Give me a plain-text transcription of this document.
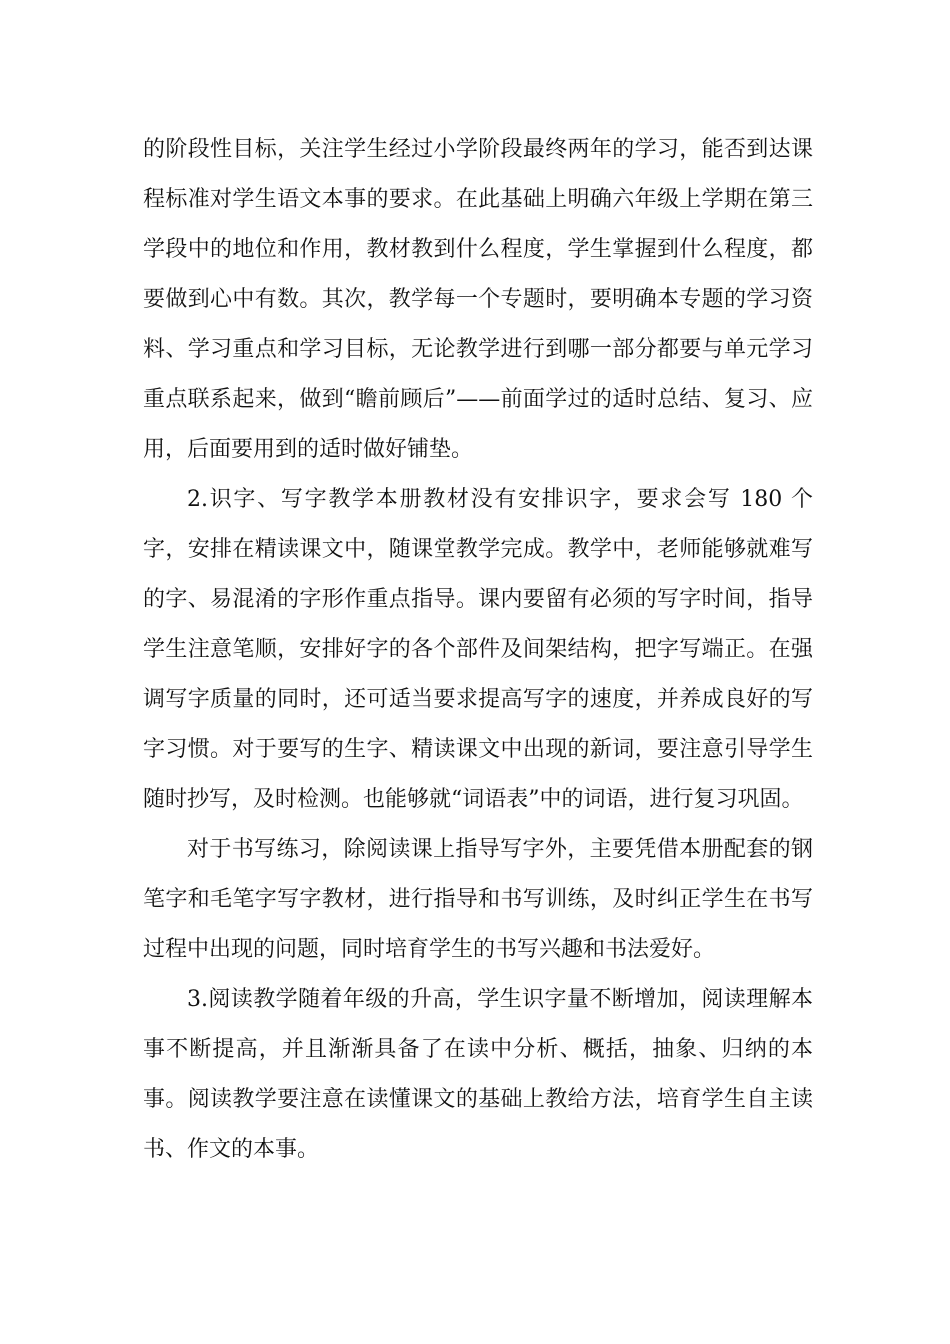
的阶段性目标，关注学生经过小学阶段最终两年的学习，能否到达课程标准对学生语文本事的要求。在此基础上明确六年级上学期在第三学段中的地位和作用，教材教到什么程度，学生掌握到什么程度，都要做到心中有数。其次，教学每一个专题时，要明确本专题的学习资料、学习重点和学习目标，无论教学进行到哪一部分都要与单元学习重点联系起来，做到“瞻前顾后”——前面学过的适时总结、复习、应用，后面要用到的适时做好铺垫。

2.识字、写字教学本册教材没有安排识字，要求会写 180 个字，安排在精读课文中，随课堂教学完成。教学中，老师能够就难写的字、易混淆的字形作重点指导。课内要留有必须的写字时间，指导学生注意笔顺，安排好字的各个部件及间架结构，把字写端正。在强调写字质量的同时，还可适当要求提高写字的速度，并养成良好的写字习惯。对于要写的生字、精读课文中出现的新词，要注意引导学生随时抄写，及时检测。也能够就“词语表”中的词语，进行复习巩固。

对于书写练习，除阅读课上指导写字外，主要凭借本册配套的钢笔字和毛笔字写字教材，进行指导和书写训练，及时纠正学生在书写过程中出现的问题，同时培育学生的书写兴趣和书法爱好。

3.阅读教学随着年级的升高，学生识字量不断增加，阅读理解本事不断提高，并且渐渐具备了在读中分析、概括，抽象、归纳的本事。阅读教学要注意在读懂课文的基础上教给方法，培育学生自主读书、作文的本事。
